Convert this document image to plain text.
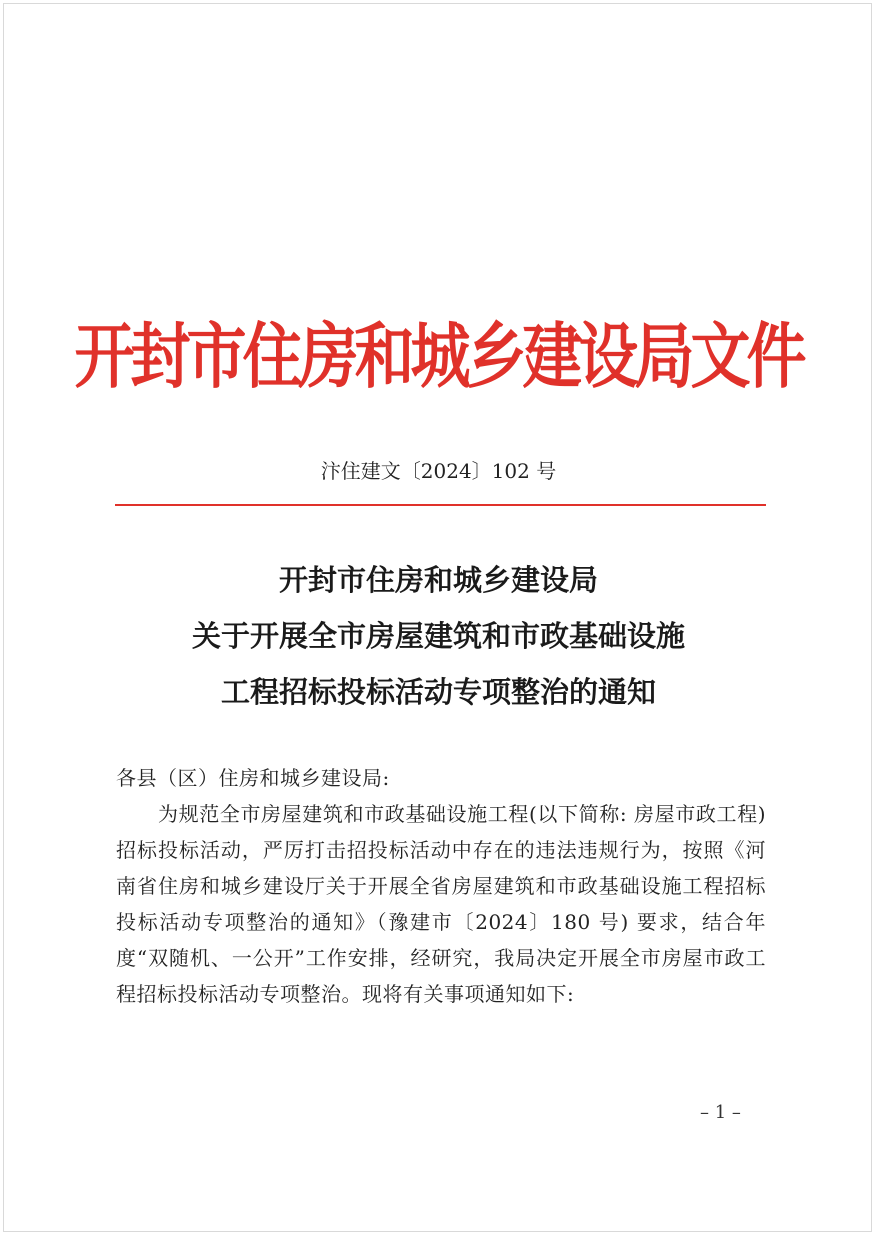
开封市住房和城乡建设局文件
汴住建文〔2024〕102 号
开封市住房和城乡建设局
关于开展全市房屋建筑和市政基础设施
工程招标投标活动专项整治的通知
各县（区）住房和城乡建设局:
为规范全市房屋建筑和市政基础设施工程(以下简称: 房屋市政工程) 招标投标活动，严厉打击招投标活动中存在的违法违规行为，按照《河南省住房和城乡建设厅关于开展全省房屋建筑和市政基础设施工程招标投标活动专项整治的通知》（豫建市〔2024〕180 号) 要求，结合年度“双随机、一公开”工作安排，经研究，我局决定开展全市房屋市政工程招标投标活动专项整治。现将有关事项通知如下:
– 1 –
